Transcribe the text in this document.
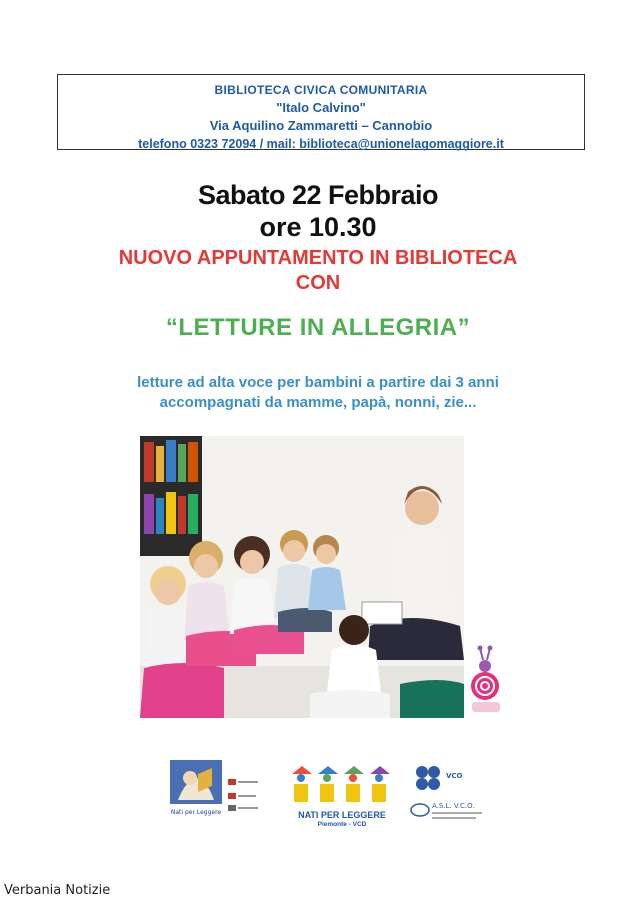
BIBLIOTECA CIVICA COMUNITARIA
"Italo Calvino"
Via Aquilino Zammaretti – Cannobio
telefono 0323 72094 / mail: biblioteca@unionelagomaggiore.it
Sabato 22 Febbraio
ore 10.30
NUOVO APPUNTAMENTO IN BIBLIOTECA
CON
“LETTURE IN ALLEGRIA”
letture ad alta voce per bambini a partire dai 3 anni
accompagnati da mamme, papà, nonni, zie...
Nati per Leggere	NATI PER LEGGERE
Piemonte - VCD
VCO
A.S.L. V.C.O.
Verbania Notizie
